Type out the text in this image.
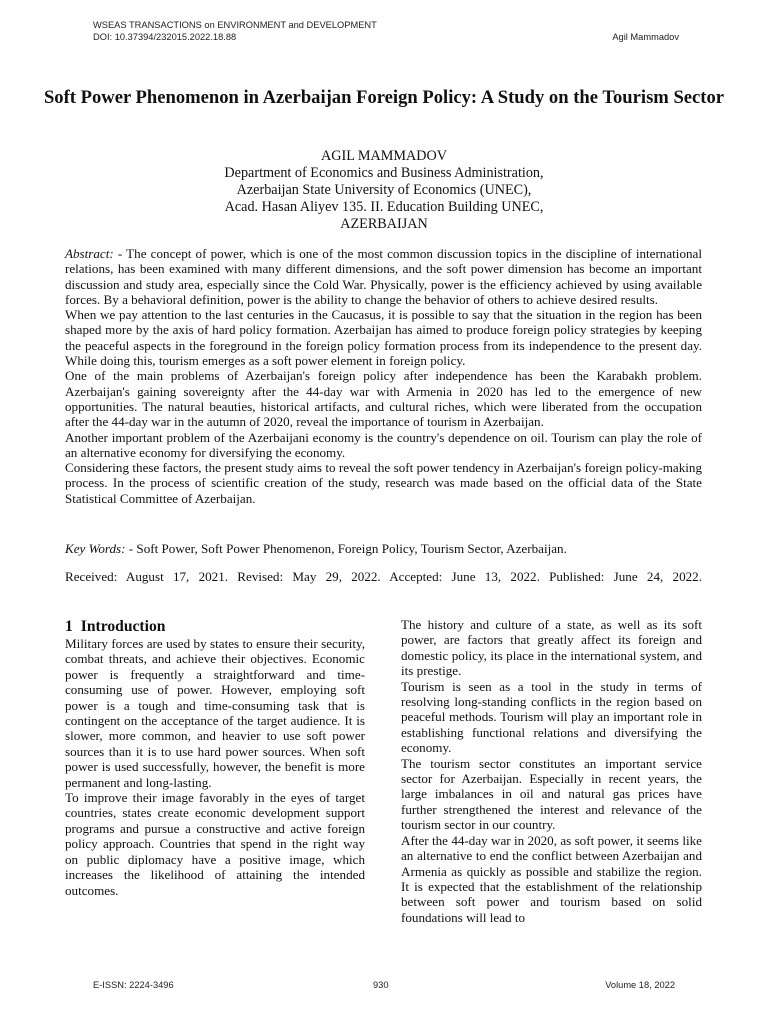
WSEAS TRANSACTIONS on ENVIRONMENT and DEVELOPMENT
DOI: 10.37394/232015.2022.18.88	Agil Mammadov
Soft Power Phenomenon in Azerbaijan Foreign Policy: A Study on the Tourism Sector
AGIL MAMMADOV
Department of Economics and Business Administration,
Azerbaijan State University of Economics (UNEC),
Acad. Hasan Aliyev 135. II. Education Building UNEC,
AZERBAIJAN

Abstract: - The concept of power, which is one of the most common discussion topics in the discipline of international relations, has been examined with many different dimensions, and the soft power dimension has become an important discussion and study area, especially since the Cold War. Physically, power is the efficiency achieved by using available forces. By a behavioral definition, power is the ability to change the behavior of others to achieve desired results.

When we pay attention to the last centuries in the Caucasus, it is possible to say that the situation in the region has been shaped more by the axis of hard policy formation. Azerbaijan has aimed to produce foreign policy strategies by keeping the peaceful aspects in the foreground in the foreign policy formation process from its independence to the present day. While doing this, tourism emerges as a soft power element in foreign policy.

One of the main problems of Azerbaijan's foreign policy after independence has been the Karabakh problem. Azerbaijan's gaining sovereignty after the 44-day war with Armenia in 2020 has led to the emergence of new opportunities. The natural beauties, historical artifacts, and cultural riches, which were liberated from the occupation after the 44-day war in the autumn of 2020, reveal the importance of tourism in Azerbaijan.

Another important problem of the Azerbaijani economy is the country's dependence on oil. Tourism can play the role of an alternative economy for diversifying the economy.

Considering these factors, the present study aims to reveal the soft power tendency in Azerbaijan's foreign policy-making process. In the process of scientific creation of the study, research was made based on the official data of the State Statistical Committee of Azerbaijan.

Key Words: - Soft Power, Soft Power Phenomenon, Foreign Policy, Tourism Sector, Azerbaijan.
Received: August 17, 2021. Revised: May 29, 2022. Accepted: June 13, 2022. Published: June 24, 2022.
1 Introduction

Military forces are used by states to ensure their security, combat threats, and achieve their objectives. Economic power is frequently a straightforward and time-consuming use of power. However, employing soft power is a tough and time-consuming task that is contingent on the acceptance of the target audience. It is slower, more common, and heavier to use soft power sources than it is to use hard power sources. When soft power is used successfully, however, the benefit is more permanent and long-lasting.

To improve their image favorably in the eyes of target countries, states create economic development support programs and pursue a constructive and active foreign policy approach. Countries that spend in the right way on public diplomacy have a positive image, which increases the likelihood of attaining the intended outcomes.

The history and culture of a state, as well as its soft power, are factors that greatly affect its foreign and domestic policy, its place in the international system, and its prestige.

Tourism is seen as a tool in the study in terms of resolving long-standing conflicts in the region based on peaceful methods. Tourism will play an important role in establishing functional relations and diversifying the economy.

The tourism sector constitutes an important service sector for Azerbaijan. Especially in recent years, the large imbalances in oil and natural gas prices have further strengthened the interest and relevance of the tourism sector in our country.

After the 44-day war in 2020, as soft power, it seems like an alternative to end the conflict between Azerbaijan and Armenia as quickly as possible and stabilize the region. It is expected that the establishment of the relationship between soft power and tourism based on solid foundations will lead to

E-ISSN: 2224-3496	930	Volume 18, 2022
